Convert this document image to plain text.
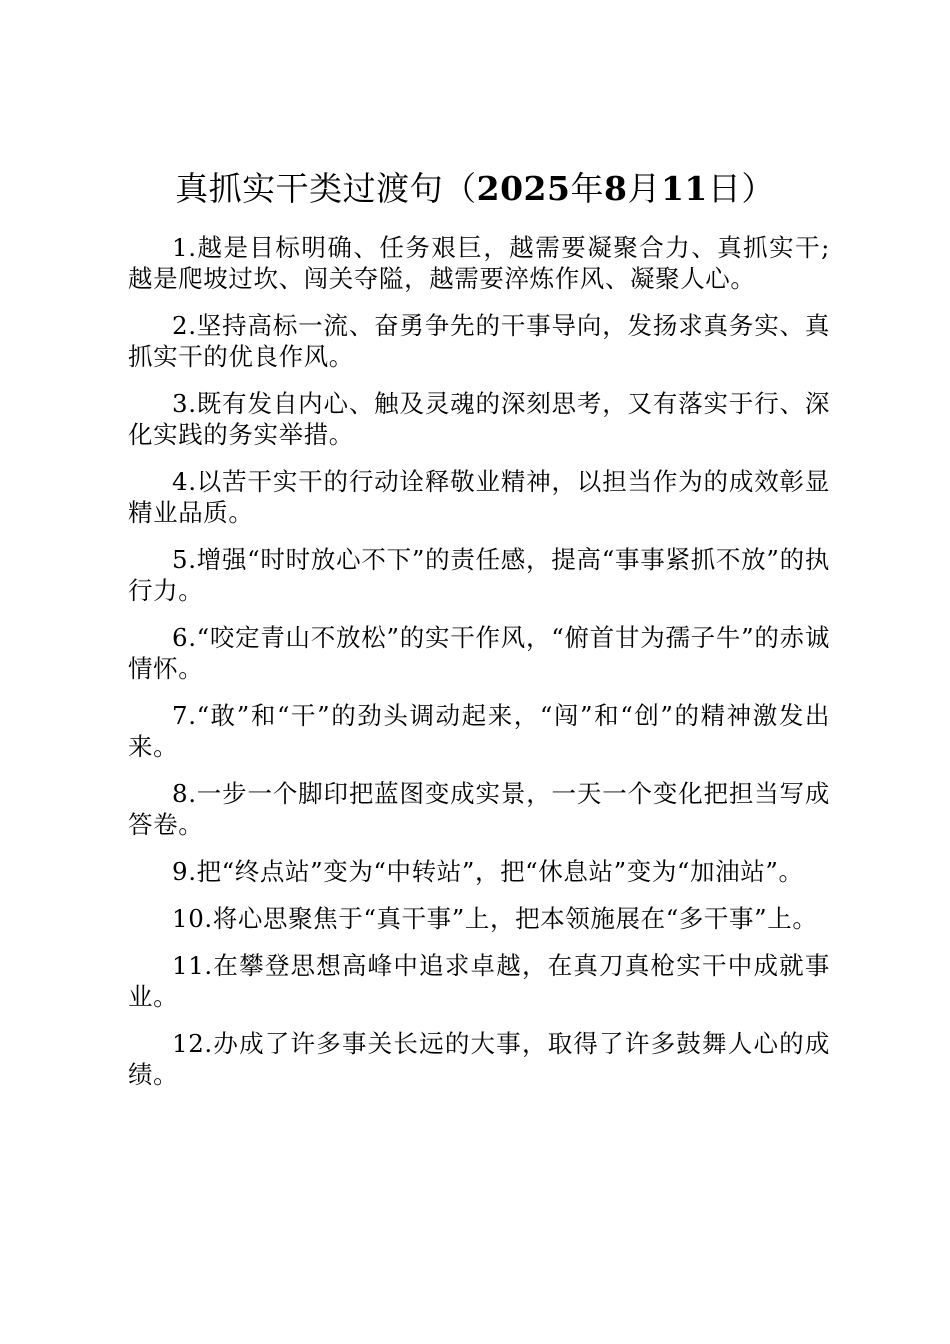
真抓实干类过渡句（2025年8月11日）

1.越是目标明确、任务艰巨，越需要凝聚合力、真抓实干;越是爬坡过坎、闯关夺隘，越需要淬炼作风、凝聚人心。

2.坚持高标一流、奋勇争先的干事导向，发扬求真务实、真抓实干的优良作风。

3.既有发自内心、触及灵魂的深刻思考，又有落实于行、深化实践的务实举措。

4.以苦干实干的行动诠释敬业精神，以担当作为的成效彰显精业品质。

5.增强“时时放心不下”的责任感，提高“事事紧抓不放”的执行力。

6.“咬定青山不放松”的实干作风，“俯首甘为孺子牛”的赤诚情怀。

7.“敢”和“干”的劲头调动起来，“闯”和“创”的精神激发出来。

8.一步一个脚印把蓝图变成实景，一天一个变化把担当写成答卷。

9.把“终点站”变为“中转站”，把“休息站”变为“加油站”。

10.将心思聚焦于“真干事”上，把本领施展在“多干事”上。

11.在攀登思想高峰中追求卓越，在真刀真枪实干中成就事业。

12.办成了许多事关长远的大事，取得了许多鼓舞人心的成绩。
